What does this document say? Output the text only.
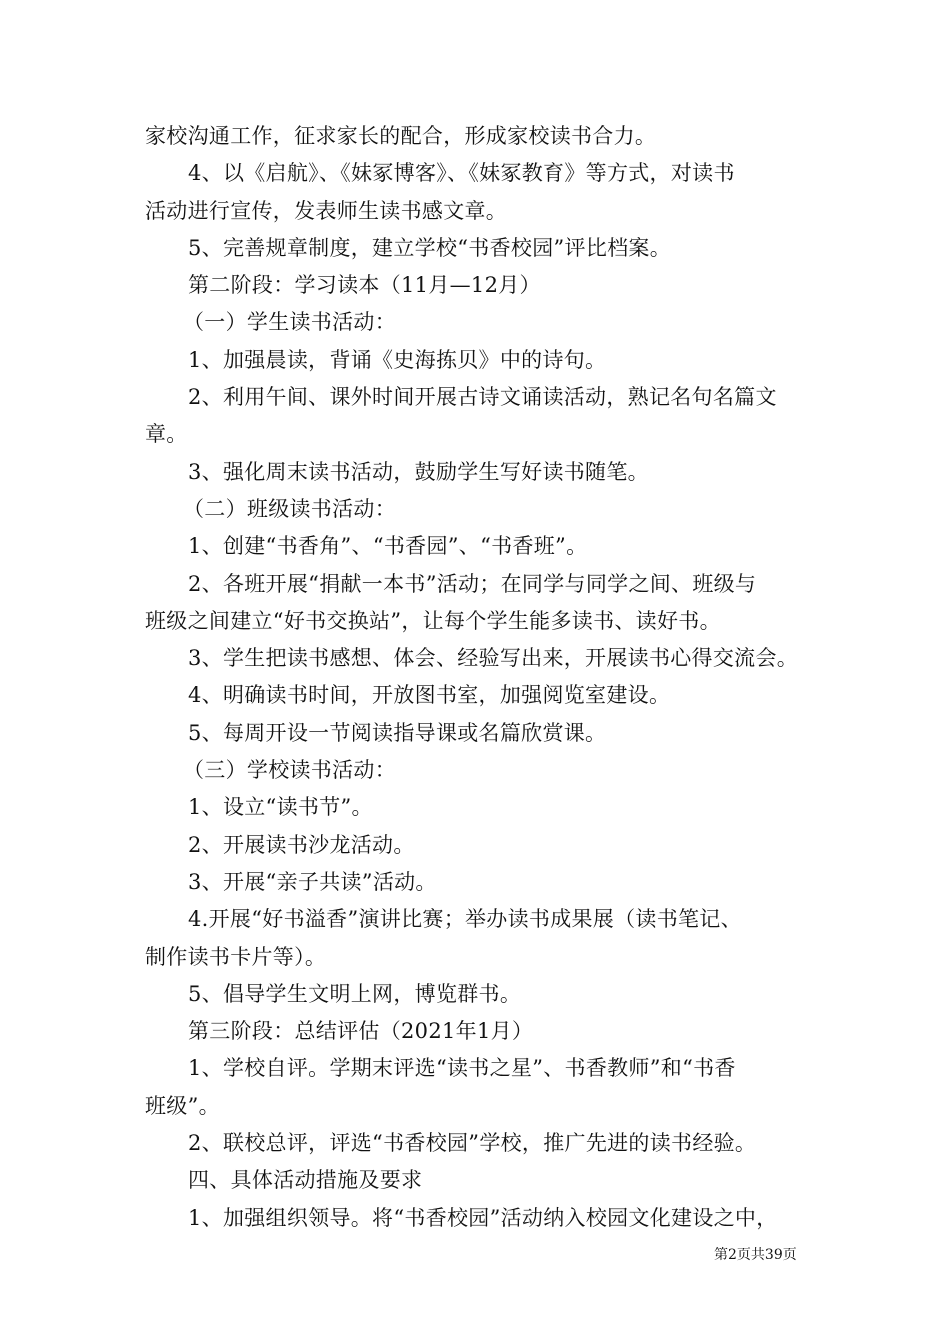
家校沟通工作，征求家长的配合，形成家校读书合力。
4、以《启航》、《妹冢博客》、《妹冢教育》等方式，对读书
活动进行宣传，发表师生读书感文章。
5、完善规章制度，建立学校“书香校园”评比档案。
第二阶段：学习读本（11月—12月）
（一）学生读书活动：
1、加强晨读，背诵《史海拣贝》中的诗句。
2、利用午间、课外时间开展古诗文诵读活动，熟记名句名篇文
章。
3、强化周末读书活动，鼓励学生写好读书随笔。
（二）班级读书活动：
1、创建“书香角”、“书香园”、“书香班”。
2、各班开展“捐献一本书”活动；在同学与同学之间、班级与
班级之间建立“好书交换站”，让每个学生能多读书、读好书。
3、学生把读书感想、体会、经验写出来，开展读书心得交流会。
4、明确读书时间，开放图书室，加强阅览室建设。
5、每周开设一节阅读指导课或名篇欣赏课。
（三）学校读书活动：
1、设立“读书节”。
2、开展读书沙龙活动。
3、开展“亲子共读”活动。
4.开展“好书溢香”演讲比赛；举办读书成果展（读书笔记、
制作读书卡片等）。
5、倡导学生文明上网，博览群书。
第三阶段：总结评估（2021年1月）
1、学校自评。学期末评选“读书之星”、书香教师”和“书香
班级”。
2、联校总评，评选“书香校园”学校，推广先进的读书经验。
四、具体活动措施及要求
1、加强组织领导。将“书香校园”活动纳入校园文化建设之中，
第2页共39页
